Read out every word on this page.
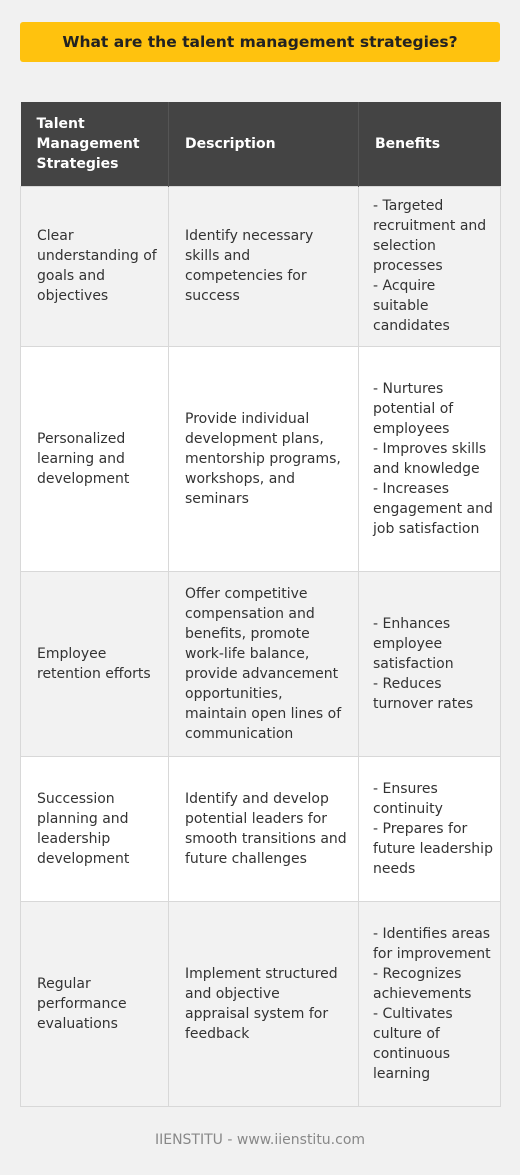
What are the talent management strategies?
Talent Management Strategies	Description	Benefits
Clear understanding of goals and objectives	Identify necessary skills and competencies for success	- Targeted recruitment and selection processes
- Acquire suitable candidates

Personalized learning and development	Provide individual development plans, mentorship programs, workshops, and seminars	- Nurtures potential of employees
- Improves skills and knowledge
- Increases engagement and job satisfaction

Employee retention efforts	Offer competitive compensation and benefits, promote work-life balance, provide advancement opportunities, maintain open lines of communication	- Enhances employee satisfaction
- Reduces turnover rates

Succession planning and leadership development	Identify and develop potential leaders for smooth transitions and future challenges	- Ensures continuity
- Prepares for future leadership needs

Regular performance evaluations	Implement structured and objective appraisal system for feedback	- Identifies areas for improvement
- Recognizes achievements
- Cultivates culture of continuous learning
IIENSTITU - www.iienstitu.com
